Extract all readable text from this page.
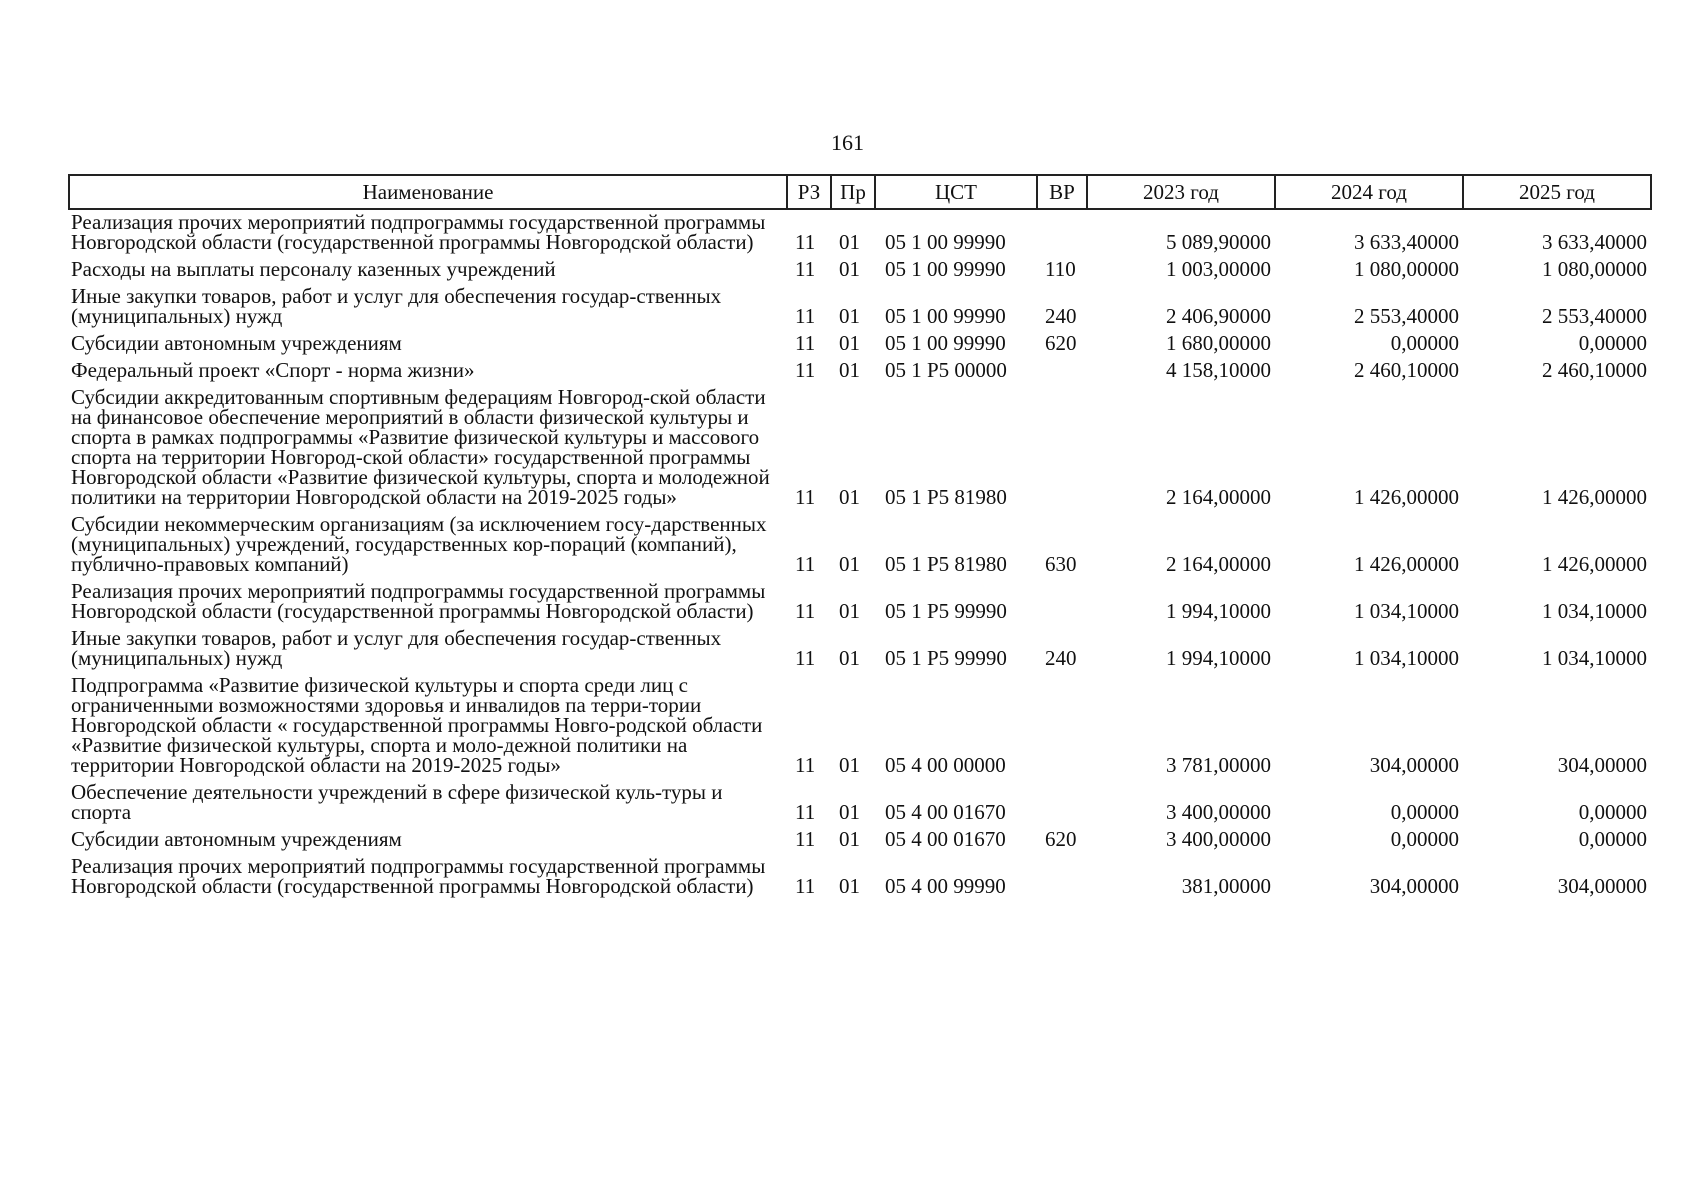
161
Наименование	РЗ	Пр	ЦСТ	ВР	2023 год	2024 год	2025 год
Реализация прочих мероприятий подпрограммы государственной программы Новгородской области (государственной программы Новгородской области)	11	01	05 1 00 99990		5 089,90000	3 633,40000	3 633,40000
Расходы на выплаты персоналу казенных учреждений	11	01	05 1 00 99990	110	1 003,00000	1 080,00000	1 080,00000
Иные закупки товаров, работ и услуг для обеспечения государ-ственных (муниципальных) нужд	11	01	05 1 00 99990	240	2 406,90000	2 553,40000	2 553,40000
Субсидии автономным учреждениям	11	01	05 1 00 99990	620	1 680,00000	0,00000	0,00000
Федеральный проект «Спорт - норма жизни»	11	01	05 1 P5 00000		4 158,10000	2 460,10000	2 460,10000
Субсидии аккредитованным спортивным федерациям Новгород-ской области на финансовое обеспечение мероприятий в области физической культуры и спорта в рамках подпрограммы «Развитие физической культуры и массового спорта на территории Новгород-ской области» государственной программы Новгородской области «Развитие физической культуры, спорта и молодежной политики на территории Новгородской области на 2019-2025 годы»	11	01	05 1 P5 81980		2 164,00000	1 426,00000	1 426,00000
Субсидии некоммерческим организациям (за исключением госу-дарственных (муниципальных) учреждений, государственных кор-пораций (компаний), публично-правовых компаний)	11	01	05 1 P5 81980	630	2 164,00000	1 426,00000	1 426,00000
Реализация прочих мероприятий подпрограммы государственной программы Новгородской области (государственной программы Новгородской области)	11	01	05 1 P5 99990		1 994,10000	1 034,10000	1 034,10000
Иные закупки товаров, работ и услуг для обеспечения государ-ственных (муниципальных) нужд	11	01	05 1 P5 99990	240	1 994,10000	1 034,10000	1 034,10000
Подпрограмма «Развитие физической культуры и спорта среди лиц с ограниченными возможностями здоровья и инвалидов па терри-тории Новгородской области « государственной программы Новго-родской области «Развитие физической культуры, спорта и моло-дежной политики на территории Новгородской области на 2019-2025 годы»	11	01	05 4 00 00000		3 781,00000	304,00000	304,00000
Обеспечение деятельности учреждений в сфере физической куль-туры и спорта	11	01	05 4 00 01670		3 400,00000	0,00000	0,00000
Субсидии автономным учреждениям	11	01	05 4 00 01670	620	3 400,00000	0,00000	0,00000
Реализация прочих мероприятий подпрограммы государственной программы Новгородской области (государственной программы Новгородской области)	11	01	05 4 00 99990		381,00000	304,00000	304,00000
